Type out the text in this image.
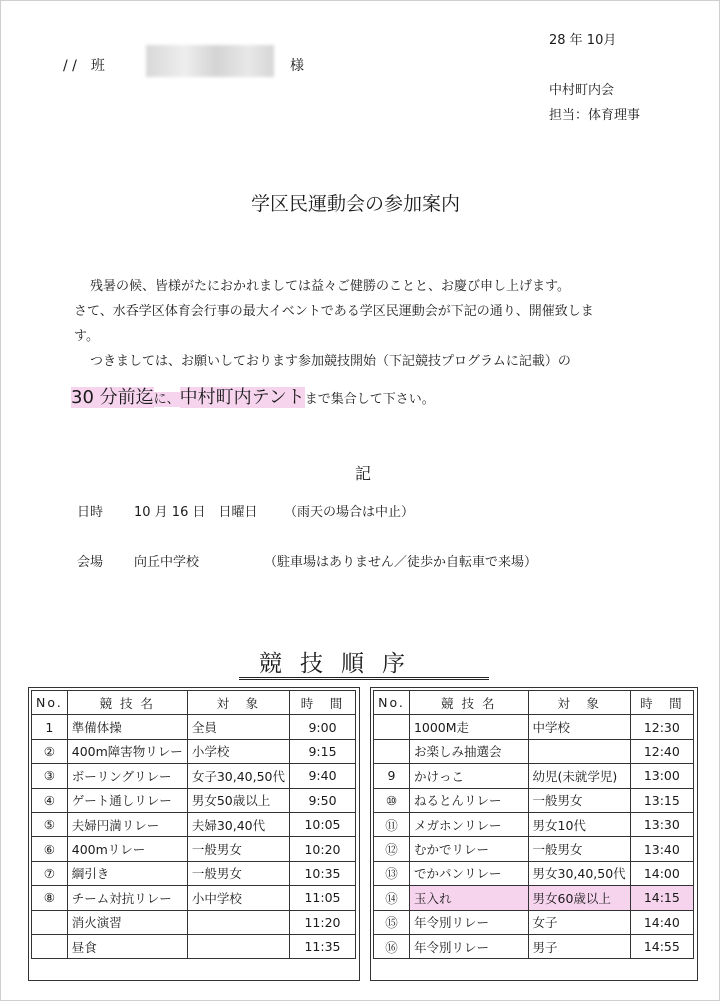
28 年 10月
/ /　班	様
中村町内会
担当：体育理事
学区民運動会の参加案内
残暑の候、皆様がたにおかれましては益々ご健勝のことと、お慶び申し上げます。
さて、水呑学区体育会行事の最大イベントである学区民運動会が下記の通り、開催致しま
す。
つきましては、お願いしております参加競技開始（下記競技プログラムに記載）の
30 分前迄に、中村町内テントまで集合して下さい。
記
日時 10 月 16 日　日曜日 （雨天の場合は中止）
会場 向丘中学校	（駐車場はありません／徒歩か自転車で来場）
競技順序
No.	競 技 名	対　象	時　間
1	準備体操	全員	9:00
②	400m障害物リレー	小学校	9:15
③	ボーリングリレー	女子30,40,50代	9:40
④	ゲート通しリレー	男女50歳以上	9:50
⑤	夫婦円満リレー	夫婦30,40代	10:05
⑥	400mリレー	一般男女	10:20
⑦	綱引き	一般男女	10:35
⑧	チーム対抗リレー	小中学校	11:05
	消火演習		11:20
	昼食		11:35
No.	競 技 名	対　象	時　間
	1000M走	中学校	12:30
	お楽しみ抽選会		12:40
9	かけっこ	幼児(未就学児)	13:00
⑩	ねるとんリレー	一般男女	13:15
⑪	メガホンリレー	男女10代	13:30
⑫	むかでリレー	一般男女	13:40
⑬	でかパンリレー	男女30,40,50代	14:00
⑭	玉入れ	男女60歳以上	14:15
⑮	年令別リレー	女子	14:40
⑯	年令別リレー	男子	14:55
